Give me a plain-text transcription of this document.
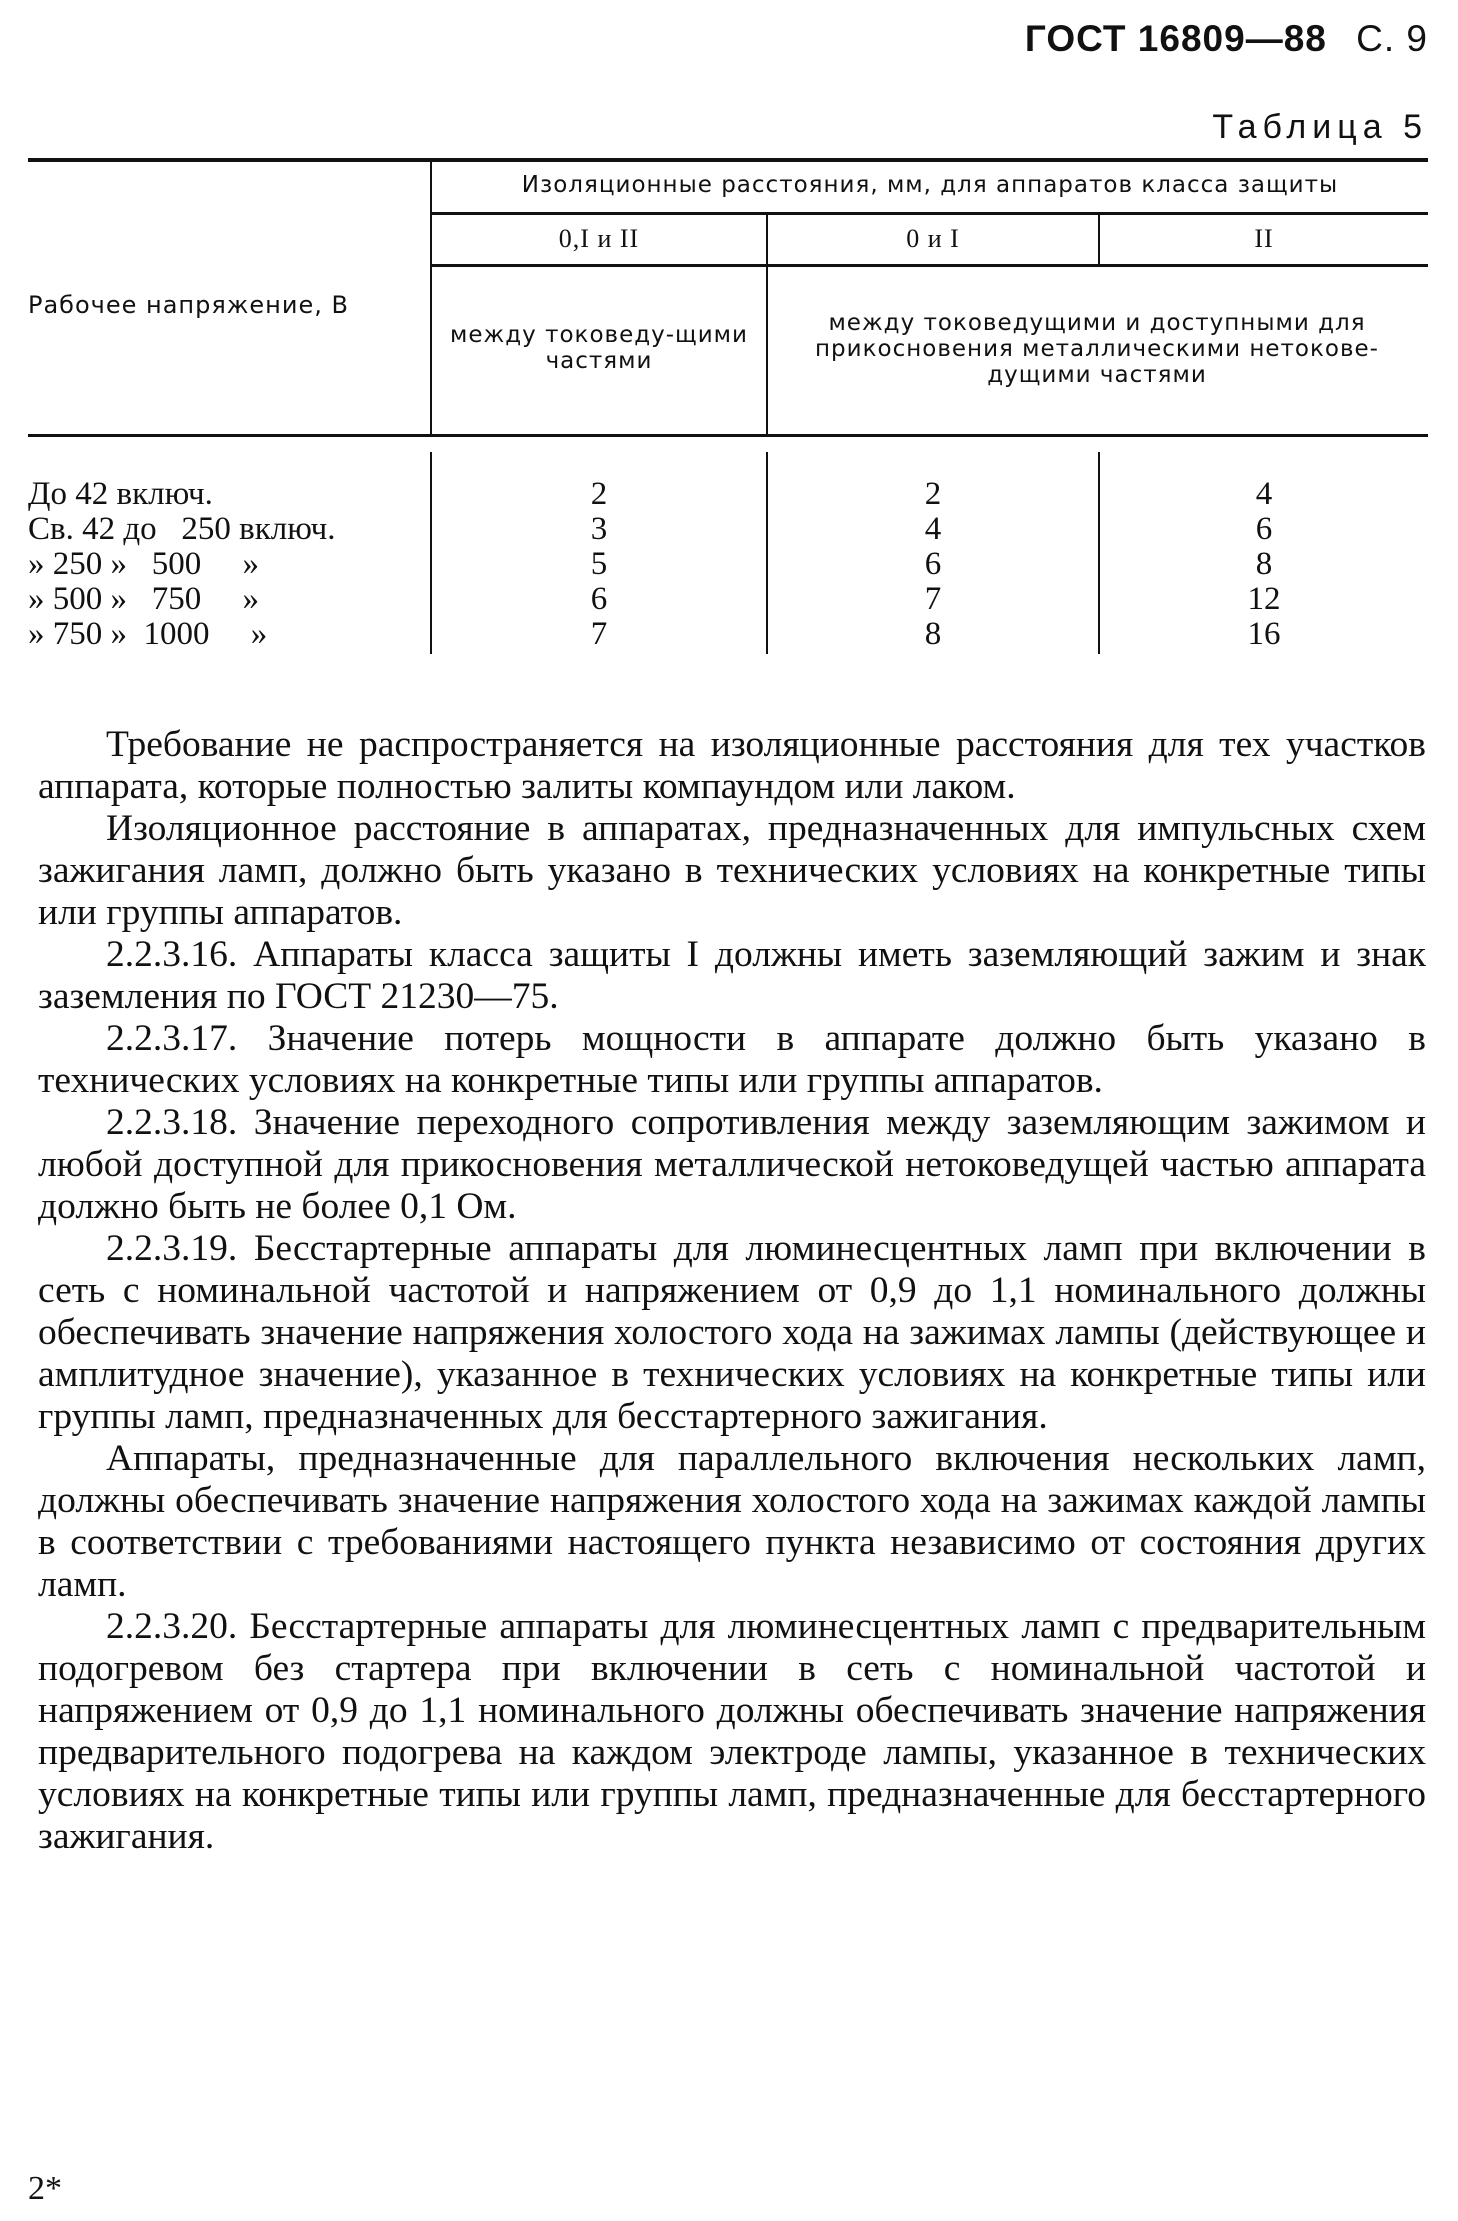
ГОСТ 16809—88 С. 9
Таблица 5
Рабочее напряжение, В
Изоляционные расстояния, мм, для аппаратов класса защиты
0,I и II	0 и I	II
между токоведу-щими частями
между токоведущими и доступными для прикосновения металлическими нетокове-дущими частями
До 42 включ.	2	2	4
Св. 42 до   250 включ.	3	4	6
» 250 »   500     »	5	6	8
» 500 »   750     »	6	7	12
» 750 »  1000     »	7	8	16

Требование не распространяется на изоляционные расстояния для тех участков аппарата, которые полностью залиты компаундом или лаком.

Изоляционное расстояние в аппаратах, предназначенных для импульсных схем зажигания ламп, должно быть указано в технических условиях на конкретные типы или группы аппаратов.

2.2.3.16. Аппараты класса защиты I должны иметь заземляющий зажим и знак заземления по ГОСТ 21230—75.

2.2.3.17. Значение потерь мощности в аппарате должно быть указано в технических условиях на конкретные типы или группы аппаратов.

2.2.3.18. Значение переходного сопротивления между заземляющим зажимом и любой доступной для прикосновения металлической нетоковедущей частью аппарата должно быть не более 0,1 Ом.

2.2.3.19. Бесстартерные аппараты для люминесцентных ламп при включении в сеть с номинальной частотой и напряжением от 0,9 до 1,1 номинального должны обеспечивать значение напряжения холостого хода на зажимах лампы (действующее и амплитудное значение), указанное в технических условиях на конкретные типы или группы ламп, предназначенных для бесстартерного зажигания.

Аппараты, предназначенные для параллельного включения нескольких ламп, должны обеспечивать значение напряжения холостого хода на зажимах каждой лампы в соответствии с требованиями настоящего пункта независимо от состояния других ламп.

2.2.3.20. Бесстартерные аппараты для люминесцентных ламп с предварительным подогревом без стартера при включении в сеть с номинальной частотой и напряжением от 0,9 до 1,1 номинального должны обеспечивать значение напряжения предварительного подогрева на каждом электроде лампы, указанное в технических условиях на конкретные типы или группы ламп, предназначенные для бесстартерного зажигания.

2*
